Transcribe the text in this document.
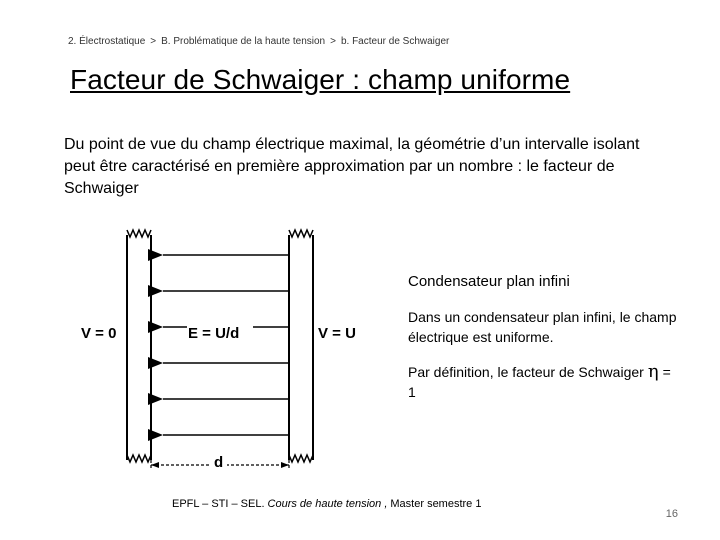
2. Électrostatique > B. Problématique de la haute tension > b. Facteur de Schwaiger
Facteur de Schwaiger : champ uniforme
Du point de vue du champ électrique maximal, la géométrie d’un intervalle isolant peut être caractérisé en première approximation par un nombre : le facteur de Schwaiger
V = 0	E = U/d	V = U
d
Condensateur plan infini
Dans un condensateur plan infini, le champ électrique est uniforme.
Par définition, le facteur de Schwaiger η = 1
EPFL – STI – SEL. Cours de haute tension , Master semestre 1
16
